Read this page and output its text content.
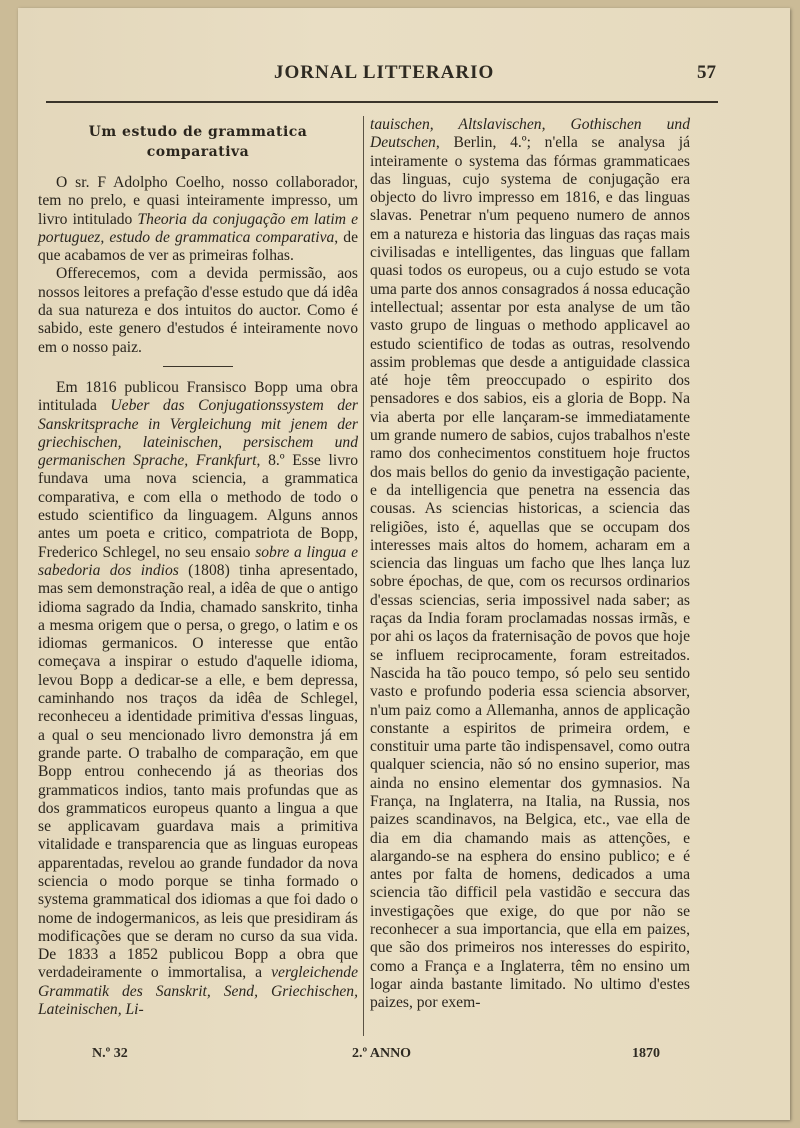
JORNAL LITTERARIO	57
Um estudo de grammatica comparativa

O sr. F Adolpho Coelho, nosso collaborador, tem no prelo, e quasi inteiramente impresso, um livro intitulado Theoria da conjugação em latim e portuguez, estudo de grammatica comparativa, de que acabamos de ver as primeiras folhas.

Offerecemos, com a devida permissão, aos nossos leitores a prefação d'esse estudo que dá idêa da sua natureza e dos intuitos do auctor. Como é sabido, este genero d'estudos é inteiramente novo em o nosso paiz.

Em 1816 publicou Fransisco Bopp uma obra intitulada Ueber das Conjugationssystem der Sanskritsprache in Vergleichung mit jenem der griechischen, lateinischen, persischem und germanischen Sprache, Frankfurt, 8.º Esse livro fundava uma nova sciencia, a grammatica comparativa, e com ella o methodo de todo o estudo scientifico da linguagem. Alguns annos antes um poeta e critico, compatriota de Bopp, Frederico Schlegel, no seu ensaio sobre a lingua e sabedoria dos indios (1808) tinha apresentado, mas sem demonstração real, a idêa de que o antigo idioma sagrado da India, chamado sanskrito, tinha a mesma origem que o persa, o grego, o latim e os idiomas germanicos. O interesse que então começava a inspirar o estudo d'aquelle idioma, levou Bopp a dedicar-se a elle, e bem depressa, caminhando nos traços da idêa de Schlegel, reconheceu a identidade primitiva d'essas linguas, a qual o seu mencionado livro demonstra já em grande parte. O trabalho de comparação, em que Bopp entrou conhecendo já as theorias dos grammaticos indios, tanto mais profundas que as dos grammaticos europeus quanto a lingua a que se applicavam guardava mais a primitiva vitalidade e transparencia que as linguas europeas apparentadas, revelou ao grande fundador da nova sciencia o modo porque se tinha formado o systema grammatical dos idiomas a que foi dado o nome de indogermanicos, as leis que presidiram ás modificações que se deram no curso da sua vida. De 1833 a 1852 publicou Bopp a obra que verdadeiramente o immortalisa, a vergleichende Grammatik des Sanskrit, Send, Griechischen, Lateinischen, Li-

tauischen, Altslavischen, Gothischen und Deutschen, Berlin, 4.º; n'ella se analysa já inteiramente o systema das fórmas grammaticaes das linguas, cujo systema de conjugação era objecto do livro impresso em 1816, e das linguas slavas. Penetrar n'um pequeno numero de annos em a natureza e historia das linguas das raças mais civilisadas e intelligentes, das linguas que fallam quasi todos os europeus, ou a cujo estudo se vota uma parte dos annos consagrados á nossa educação intellectual; assentar por esta analyse de um tão vasto grupo de linguas o methodo applicavel ao estudo scientifico de todas as outras, resolvendo assim problemas que desde a antiguidade classica até hoje têm preoccupado o espirito dos pensadores e dos sabios, eis a gloria de Bopp. Na via aberta por elle lançaram-se immediatamente um grande numero de sabios, cujos trabalhos n'este ramo dos conhecimentos constituem hoje fructos dos mais bellos do genio da investigação paciente, e da intelligencia que penetra na essencia das cousas. As sciencias historicas, a sciencia das religiões, isto é, aquellas que se occupam dos interesses mais altos do homem, acharam em a sciencia das linguas um facho que lhes lança luz sobre épochas, de que, com os recursos ordinarios d'essas sciencias, seria impossivel nada saber; as raças da India foram proclamadas nossas irmãs, e por ahi os laços da fraternisação de povos que hoje se influem reciprocamente, foram estreitados. Nascida ha tão pouco tempo, só pelo seu sentido vasto e profundo poderia essa sciencia absorver, n'um paiz como a Allemanha, annos de applicação constante a espiritos de primeira ordem, e constituir uma parte tão indispensavel, como outra qualquer sciencia, não só no ensino superior, mas ainda no ensino elementar dos gymnasios. Na França, na Inglaterra, na Italia, na Russia, nos paizes scandinavos, na Belgica, etc., vae ella de dia em dia chamando mais as attenções, e alargando-se na esphera do ensino publico; e é antes por falta de homens, dedicados a uma sciencia tão difficil pela vastidão e seccura das investigações que exige, do que por não se reconhecer a sua importancia, que ella em paizes, que são dos primeiros nos interesses do espirito, como a França e a Inglaterra, têm no ensino um logar ainda bastante limitado. No ultimo d'estes paizes, por exem-

N.º 32	2.º ANNO	1870
